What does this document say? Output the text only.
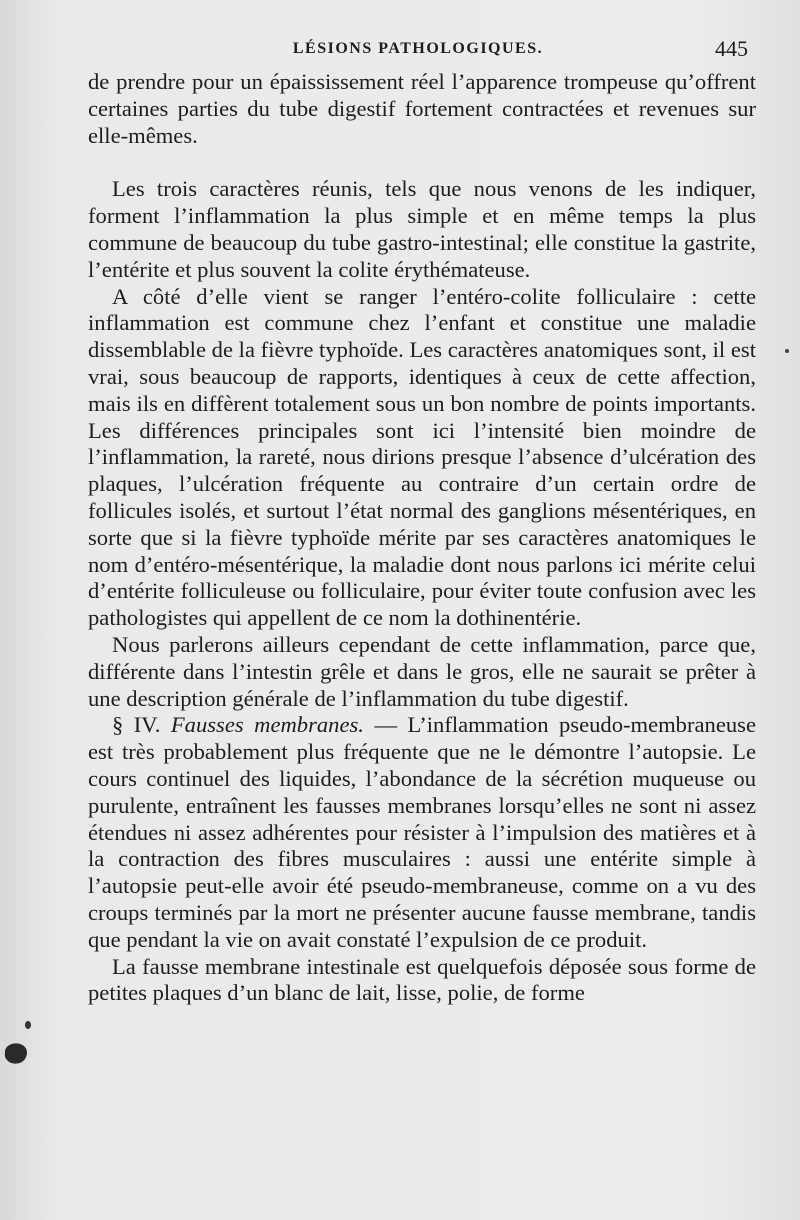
LÉSIONS PATHOLOGIQUES.	445

de prendre pour un épaississement réel l’apparence trompeuse qu’offrent certaines parties du tube digestif fortement contractées et revenues sur elle-mêmes.

Les trois caractères réunis, tels que nous venons de les indiquer, forment l’inflammation la plus simple et en même temps la plus commune de beaucoup du tube gastro-intestinal; elle constitue la gastrite, l’entérite et plus souvent la colite érythémateuse.

A côté d’elle vient se ranger l’entéro-colite folliculaire : cette inflammation est commune chez l’enfant et constitue une maladie dissemblable de la fièvre typhoïde. Les caractères anatomiques sont, il est vrai, sous beaucoup de rapports, identiques à ceux de cette affection, mais ils en diffèrent totalement sous un bon nombre de points importants. Les différences principales sont ici l’intensité bien moindre de l’inflammation, la rareté, nous dirions presque l’absence d’ulcération des plaques, l’ulcération fréquente au contraire d’un certain ordre de follicules isolés, et surtout l’état normal des ganglions mésentériques, en sorte que si la fièvre typhoïde mérite par ses caractères anatomiques le nom d’entéro-mésentérique, la maladie dont nous parlons ici mérite celui d’entérite folliculeuse ou folliculaire, pour éviter toute confusion avec les pathologistes qui appellent de ce nom la dothinentérie.

Nous parlerons ailleurs cependant de cette inflammation, parce que, différente dans l’intestin grêle et dans le gros, elle ne saurait se prêter à une description générale de l’inflammation du tube digestif.

§ IV. Fausses membranes. — L’inflammation pseudo-membraneuse est très probablement plus fréquente que ne le démontre l’autopsie. Le cours continuel des liquides, l’abondance de la sécrétion muqueuse ou purulente, entraînent les fausses membranes lorsqu’elles ne sont ni assez étendues ni assez adhérentes pour résister à l’impulsion des matières et à la contraction des fibres musculaires : aussi une entérite simple à l’autopsie peut-elle avoir été pseudo-membraneuse, comme on a vu des croups terminés par la mort ne présenter aucune fausse membrane, tandis que pendant la vie on avait constaté l’expulsion de ce produit.

La fausse membrane intestinale est quelquefois déposée sous forme de petites plaques d’un blanc de lait, lisse, polie, de forme
